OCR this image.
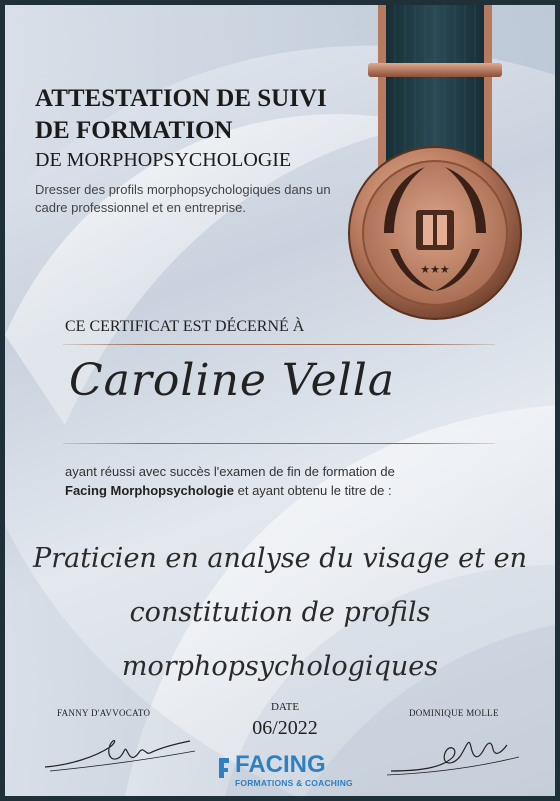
★★★
ATTESTATION DE SUIVI DE FORMATION
DE MORPHOPSYCHOLOGIE
Dresser des profils morphopsychologiques dans un cadre professionnel et en entreprise.
CE CERTIFICAT EST DÉCERNÉ À
Caroline Vella
ayant réussi avec succès l'examen de fin de formation de
Facing Morphopsychologie et ayant obtenu le titre de :
Praticien en analyse du visage et en
constitution de profils morphopsychologiques
FANNY D'AVVOCATO	DATE
06/2022
DOMINIQUE MOLLE
FACING
FORMATIONS & COACHING
